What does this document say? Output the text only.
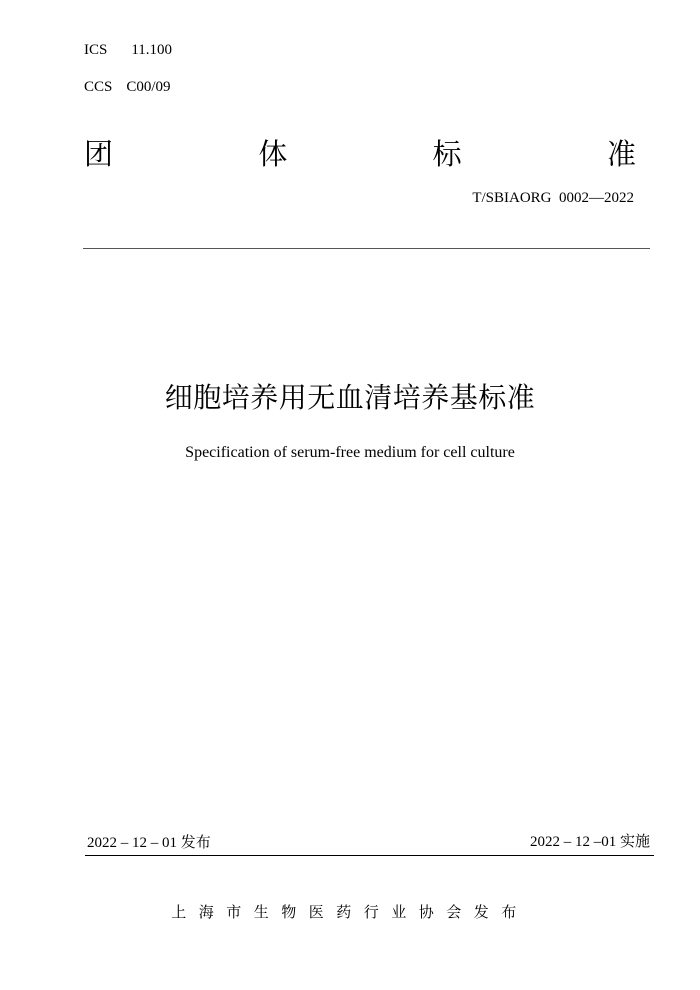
ICS 11.100
CCS C00/09
团	体	标	准
T/SBIAORG  0002—2022
细胞培养用无血清培养基标准
Specification of serum-free medium for cell culture
2022 – 12 – 01 发布	2022 – 12 –01 实施
上海市生物医药行业协会发布
